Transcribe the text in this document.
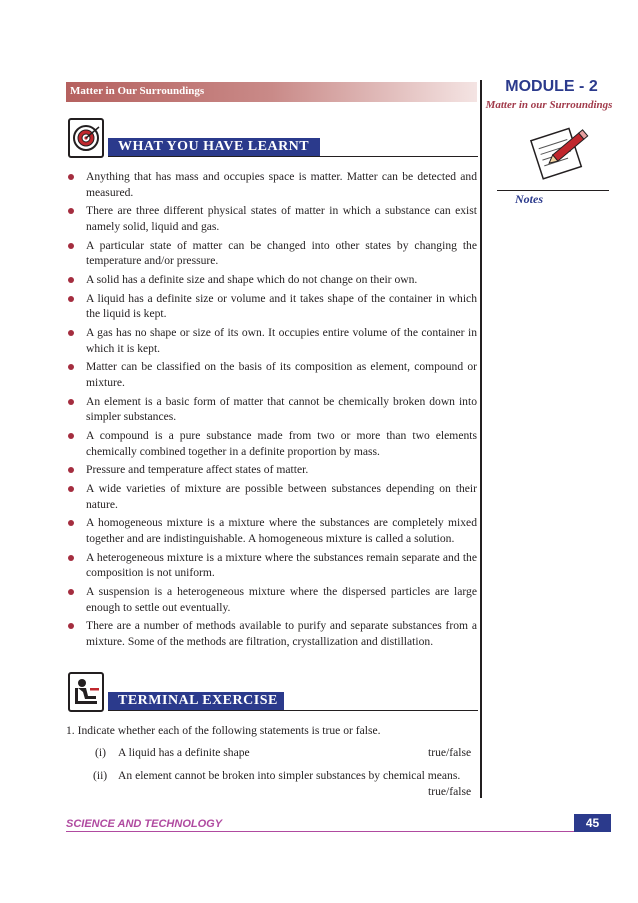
Matter in Our Surroundings	MODULE - 2
Matter in our Surroundings
Notes
WHAT YOU HAVE LEARNT
Anything that has mass and occupies space is matter. Matter can be detected and measured.
There are three different physical states of matter in which a substance can exist namely solid, liquid and gas.
A particular state of matter can be changed into other states by changing the temperature and/or pressure.
A solid has a definite size and shape which do not change on their own.
A liquid has a definite size or volume and it takes shape of the container in which the liquid is kept.
A gas has no shape or size of its own. It occupies entire volume of the container in which it is kept.
Matter can be classified on the basis of its composition as element, compound or mixture.
An element is a basic form of matter that cannot be chemically broken down into simpler substances.
A compound is a pure substance made from two or more than two elements chemically combined together in a definite proportion by mass.
Pressure and temperature affect states of matter.
A wide varieties of mixture are possible between substances depending on their nature.
A homogeneous mixture is a mixture where the substances are completely mixed together and are indistinguishable. A homogeneous mixture is called a solution.
A heterogeneous mixture is a mixture where the substances remain separate and the composition is not uniform.
A suspension is a heterogeneous mixture where the dispersed particles are large enough to settle out eventually.
There are a number of methods available to purify and separate substances from a mixture. Some of the methods are filtration, crystallization and distillation.
TERMINAL EXERCISE
1. Indicate whether each of the following statements is true or false.
(i) A liquid has a definite shape	true/false
(ii) An element cannot be broken into simpler substances by chemical means.
true/false
SCIENCE AND TECHNOLOGY	45
